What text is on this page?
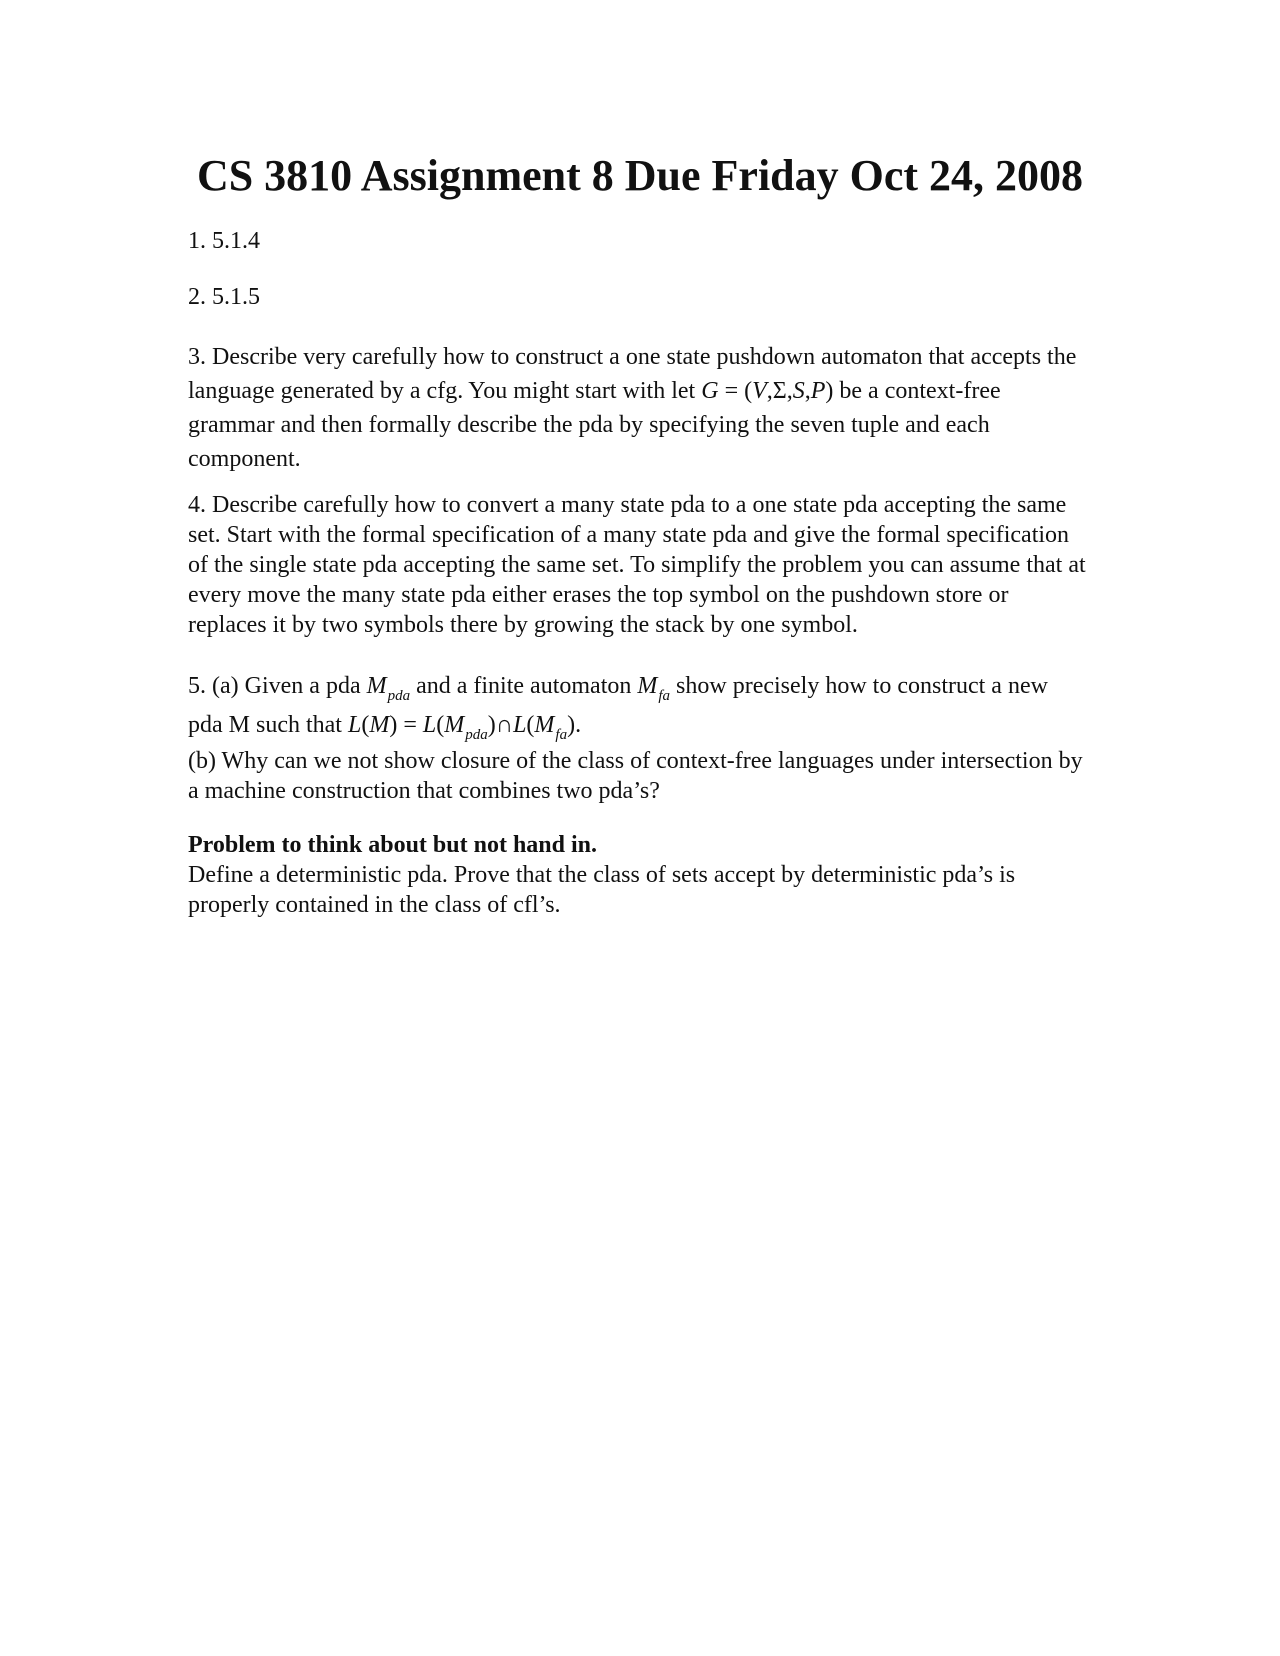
CS 3810 Assignment 8 Due Friday Oct 24, 2008

1. 5.1.4

2. 5.1.5

3. Describe very carefully how to construct a one state pushdown automaton that accepts the language generated by a cfg. You might start with let G = (V,Σ,S,P) be a context-free grammar and then formally describe the pda by specifying the seven tuple and each component.

4. Describe carefully how to convert a many state pda to a one state pda accepting the same set. Start with the formal specification of a many state pda and give the formal specification of the single state pda accepting the same set. To simplify the problem you can assume that at every move the many state pda either erases the top symbol on the pushdown store or replaces it by two symbols there by growing the stack by one symbol.

5. (a) Given a pda $M_{pda}$ and a finite automaton $M_{fa}$ show precisely how to construct a new pda M such that $L(M) = L(M_{pda})\cap L(M_{fa})$.

(b) Why can we not show closure of the class of context-free languages under intersection by a machine construction that combines two pda’s?

Problem to think about but not hand in.

Define a deterministic pda. Prove that the class of sets accept by deterministic pda’s is properly contained in the class of cfl’s.
